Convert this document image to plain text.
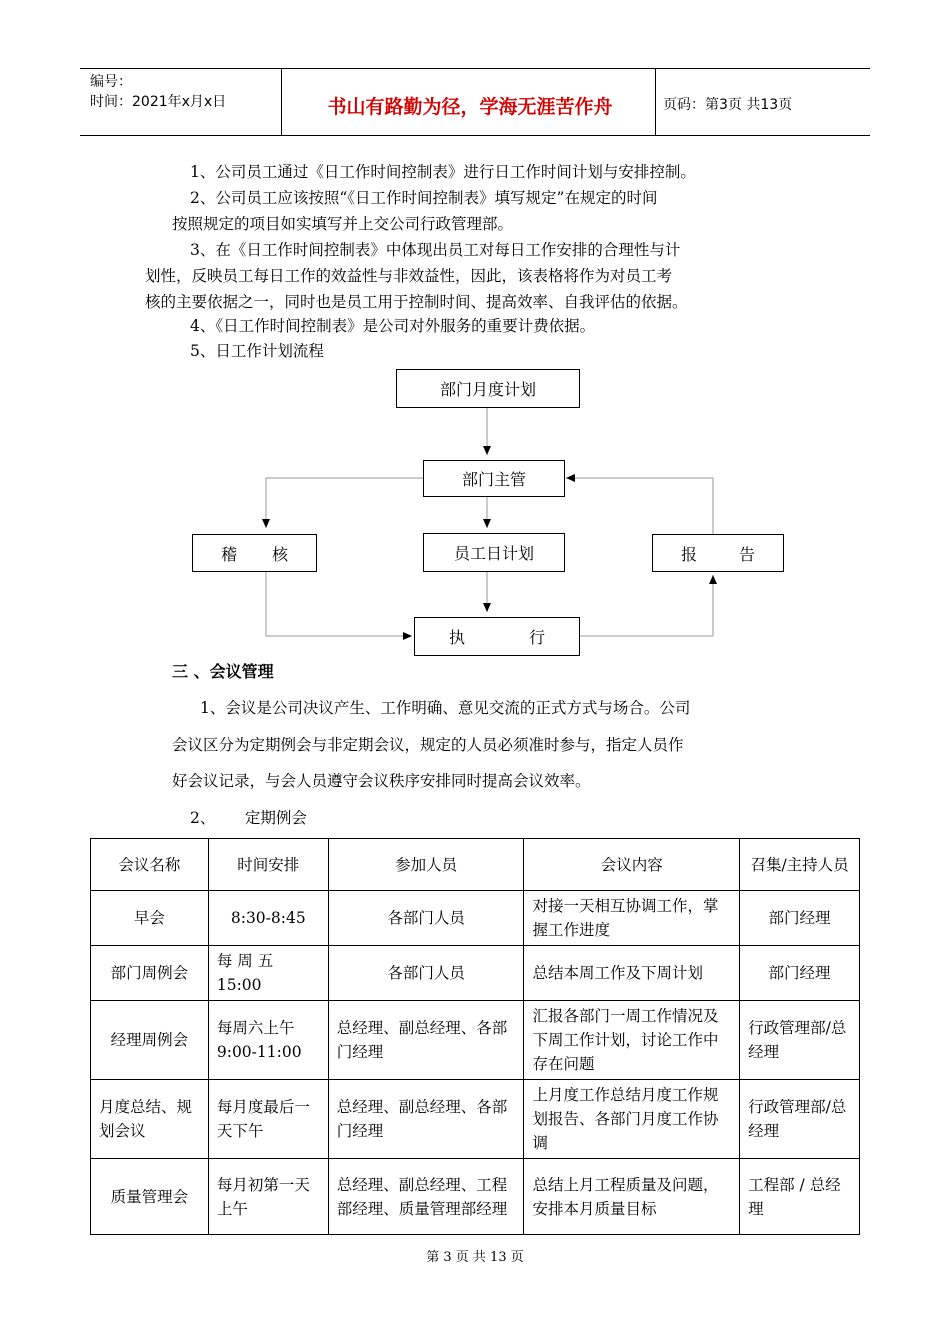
编号：
时间：2021年x月x日	书山有路勤为径，学海无涯苦作舟	页码：第3页 共13页
1、公司员工通过《日工作时间控制表》进行日工作时间计划与安排控制。
2、公司员工应该按照“《日工作时间控制表》填写规定”在规定的时间
按照规定的项目如实填写并上交公司行政管理部。
3、在《日工作时间控制表》中体现出员工对每日工作安排的合理性与计
划性，反映员工每日工作的效益性与非效益性，因此，该表格将作为对员工考
核的主要依据之一，同时也是员工用于控制时间、提高效率、自我评估的依据。
4、《日工作时间控制表》是公司对外服务的重要计费依据。
5、日工作计划流程
部门月度计划
部门主管
稽 核	员工日计划	报	告
执	行
三 、会议管理
1、会议是公司决议产生、工作明确、意见交流的正式方式与场合。公司
会议区分为定期例会与非定期会议，规定的人员必须准时参与，指定人员作
好会议记录，与会人员遵守会议秩序安排同时提高会议效率。
2、      定期例会
会议名称	时间安排	参加人员	会议内容	召集/主持人员
早会	8:30-8:45	各部门人员	对接一天相互协调工作，掌握工作进度	部门经理
部门周例会	每 周 五 15:00	各部门人员	总结本周工作及下周计划	部门经理
经理周例会	每周六上午 9:00-11:00	总经理、副总经理、各部门经理	汇报各部门一周工作情况及下周工作计划，讨论工作中存在问题	行政管理部/总经理
月度总结、规划会议	每月度最后一天下午	总经理、副总经理、各部门经理	上月度工作总结月度工作规划报告、各部门月度工作协调	行政管理部/总经理
质量管理会	每月初第一天上午	总经理、副总经理、工程部经理、质量管理部经理	总结上月工程质量及问题，安排本月质量目标	工程部 / 总经理
第 3 页 共 13 页
